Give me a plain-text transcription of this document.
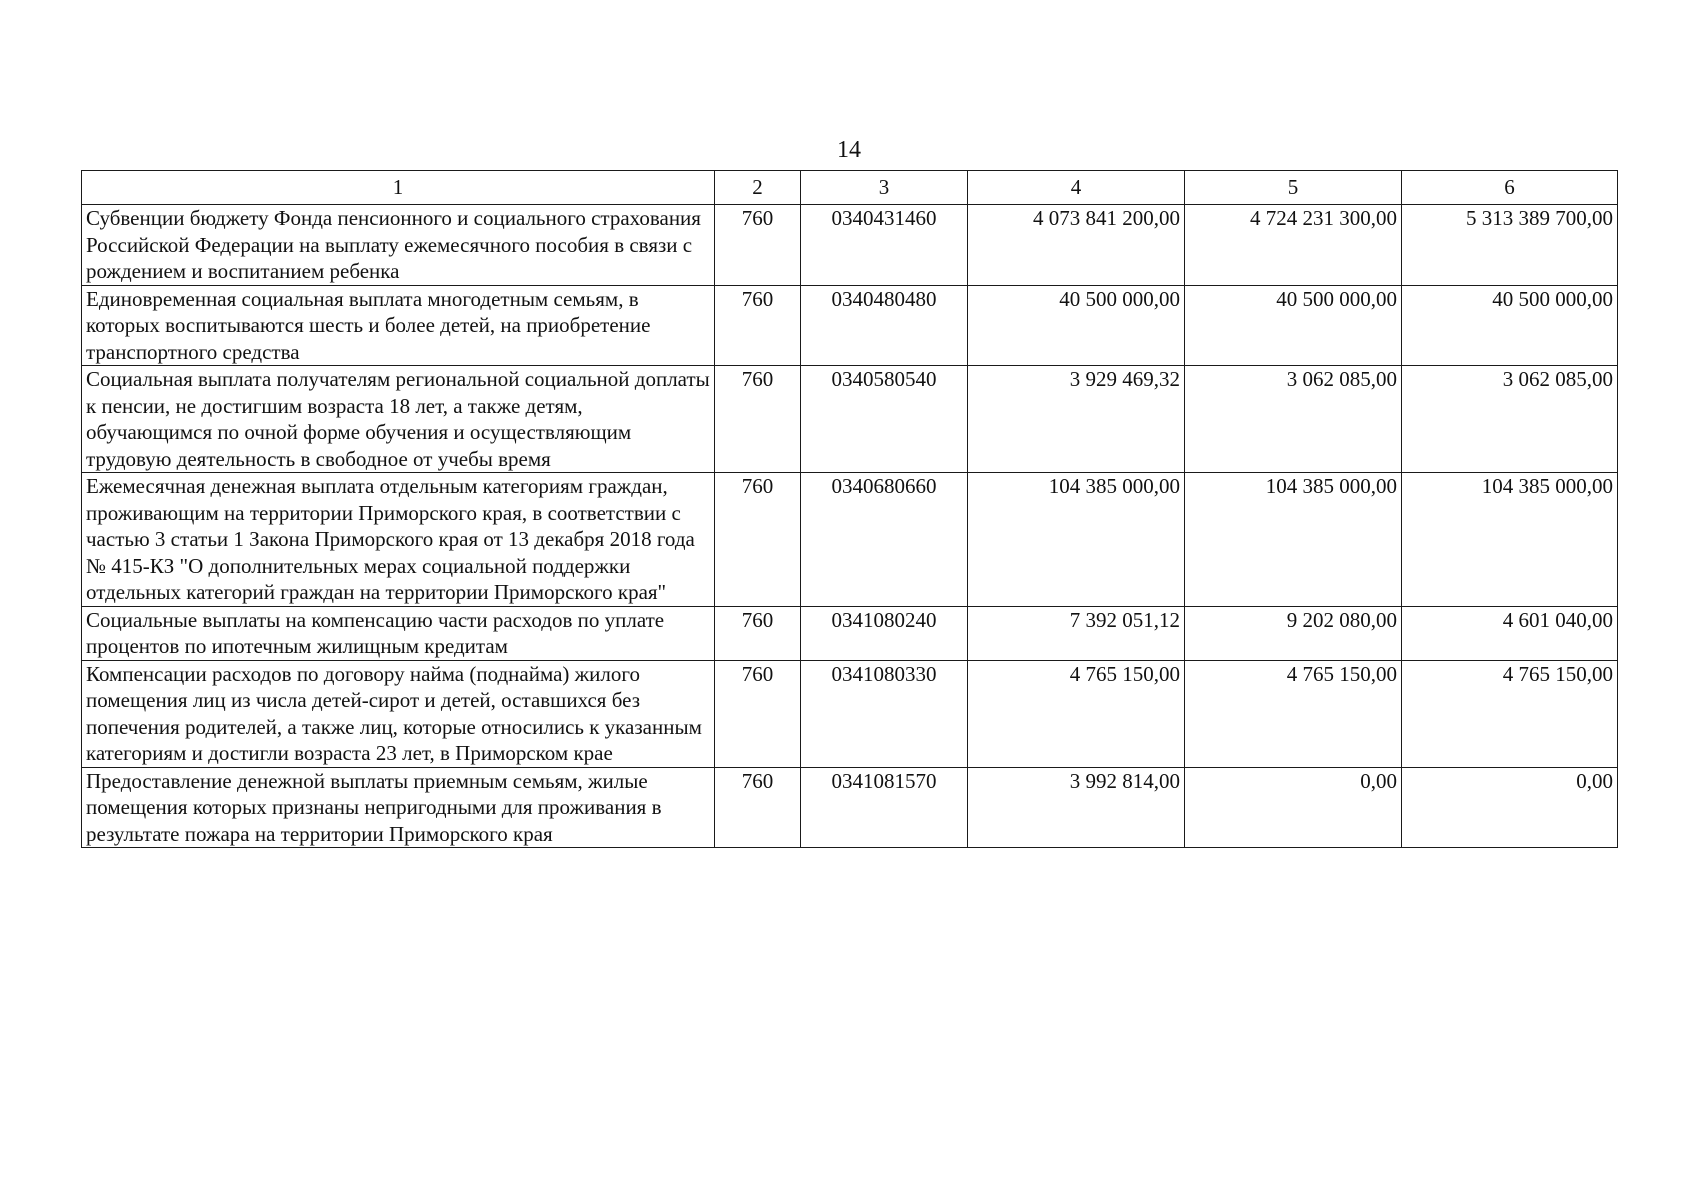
14
1	2	3	4	5	6
Субвенции бюджету Фонда пенсионного и социального страхования Российской Федерации на выплату ежемесячного пособия в связи с рождением и воспитанием ребенка	760	0340431460	4 073 841 200,00	4 724 231 300,00	5 313 389 700,00
Единовременная социальная выплата многодетным семьям, в которых воспитываются шесть и более детей, на приобретение транспортного средства	760	0340480480	40 500 000,00	40 500 000,00	40 500 000,00
Социальная выплата получателям региональной социальной доплаты к пенсии, не достигшим возраста 18 лет, а также детям, обучающимся по очной форме обучения и осуществляющим трудовую деятельность в свободное от учебы время	760	0340580540	3 929 469,32	3 062 085,00	3 062 085,00
Ежемесячная денежная выплата отдельным категориям граждан, проживающим на территории Приморского края, в соответствии с частью 3 статьи 1 Закона Приморского края от 13 декабря 2018 года № 415-КЗ "О дополнительных мерах социальной поддержки отдельных категорий граждан на территории Приморского края"	760	0340680660	104 385 000,00	104 385 000,00	104 385 000,00
Социальные выплаты на компенсацию части расходов по уплате процентов по ипотечным жилищным кредитам	760	0341080240	7 392 051,12	9 202 080,00	4 601 040,00
Компенсации расходов по договору найма (поднайма) жилого помещения лиц из числа детей-сирот и детей, оставшихся без попечения родителей, а также лиц, которые относились к указанным категориям и достигли возраста 23 лет, в Приморском крае	760	0341080330	4 765 150,00	4 765 150,00	4 765 150,00
Предоставление денежной выплаты приемным семьям, жилые помещения которых признаны непригодными для проживания в результате пожара на территории Приморского края	760	0341081570	3 992 814,00	0,00	0,00
